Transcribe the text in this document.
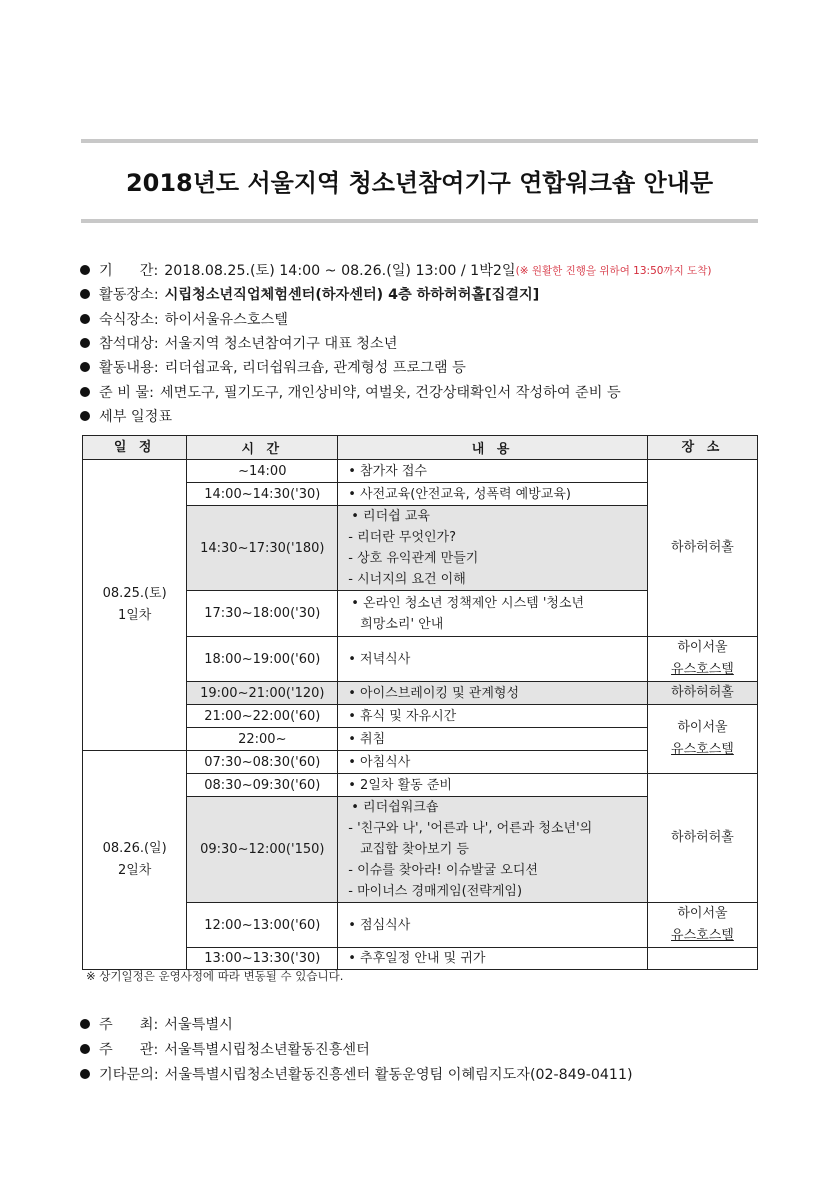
2018년도 서울지역 청소년참여기구 연합워크숍 안내문
기      간: 2018.08.25.(토) 14:00 ~ 08.26.(일) 13:00 / 1박2일 (※ 원활한 진행을 위하여 13:50까지 도착)
활동장소: 시립청소년직업체험센터(하자센터) 4층 하하허허홀[집결지]
숙식장소: 하이서울유스호스텔
참석대상: 서울지역 청소년참여기구 대표 청소년
활동내용: 리더쉽교육, 리더쉽워크숍, 관계형성 프로그램 등
준 비 물: 세면도구, 필기도구, 개인상비약, 여벌옷, 건강상태확인서 작성하여 준비 등
세부 일정표
일 정	시 간	내 용	장 소

08.25.(토)
1일차	~14:00	• 참가자 접수	하하허허홀
	14:00~14:30('30)	• 사전교육(안전교육, 성폭력 예방교육)	

	14:30~17:30('180)	• 리더쉽 교육
- 리더란 무엇인가?
- 상호 유익관계 만들기
- 시너지의 요건 이해	

	17:30~18:00('30)	• 온라인 청소년 정책제안 시스템 '청소년
희망소리' 안내	

	18:00~19:00('60)	• 저녁식사	하이서울
유스호스텔

	19:00~21:00('120)	• 아이스브레이킹 및 관계형성	하하허허홀
	21:00~22:00('60)	• 휴식 및 자유시간	하이서울
유스호스텔

	22:00~	• 취침	

08.26.(일)
2일차	07:30~08:30('60)	• 아침식사	

	08:30~09:30('60)	• 2일차 활동 준비	하하허허홀
	09:30~12:00('150)	• 리더쉽워크숍
- '친구와 나', '어른과 나', 어른과 청소년'의
교집합 찾아보기 등
- 이슈를 찾아라! 이슈발굴 오디션
- 마이너스 경매게임(전략게임)	

	12:00~13:00('60)	• 점심식사	하이서울
유스호스텔

	13:00~13:30('30)	• 추후일정 안내 및 귀가	

※ 상기일정은 운영사정에 따라 변동될 수 있습니다.
주      최: 서울특별시
주      관: 서울특별시립청소년활동진흥센터
기타문의: 서울특별시립청소년활동진흥센터 활동운영팀 이혜림지도자(02-849-0411)
